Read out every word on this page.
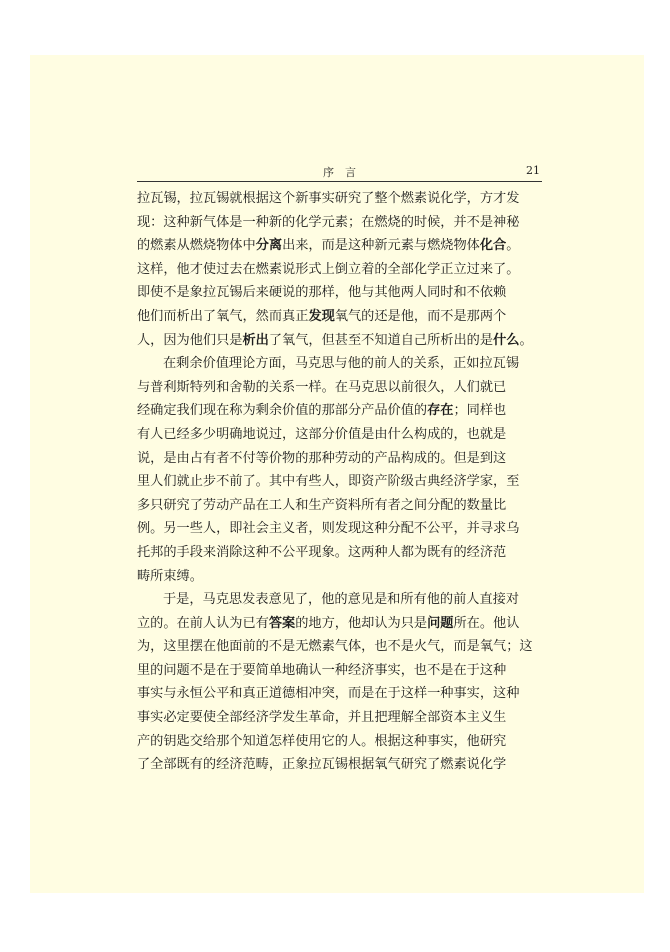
序　言	21
拉瓦锡，拉瓦锡就根据这个新事实研究了整个燃素说化学，方才发
现：这种新气体是一种新的化学元素；在燃烧的时候，并不是神秘
的燃素从燃烧物体中分离出来，而是这种新元素与燃烧物体化合。
这样，他才使过去在燃素说形式上倒立着的全部化学正立过来了。
即使不是象拉瓦锡后来硬说的那样，他与其他两人同时和不依赖
他们而析出了氧气，然而真正发现氧气的还是他，而不是那两个
人，因为他们只是析出了氧气，但甚至不知道自己所析出的是什么。
在剩余价值理论方面，马克思与他的前人的关系，正如拉瓦锡
与普利斯特列和舍勒的关系一样。在马克思以前很久，人们就已
经确定我们现在称为剩余价值的那部分产品价值的存在；同样也
有人已经多少明确地说过，这部分价值是由什么构成的，也就是
说，是由占有者不付等价物的那种劳动的产品构成的。但是到这
里人们就止步不前了。其中有些人，即资产阶级古典经济学家，至
多只研究了劳动产品在工人和生产资料所有者之间分配的数量比
例。另一些人，即社会主义者，则发现这种分配不公平，并寻求乌
托邦的手段来消除这种不公平现象。这两种人都为既有的经济范
畴所束缚。
于是，马克思发表意见了，他的意见是和所有他的前人直接对
立的。在前人认为已有答案的地方，他却认为只是问题所在。他认
为，这里摆在他面前的不是无燃素气体，也不是火气，而是氧气；这
里的问题不是在于要简单地确认一种经济事实，也不是在于这种
事实与永恒公平和真正道德相冲突，而是在于这样一种事实，这种
事实必定要使全部经济学发生革命，并且把理解全部资本主义生
产的钥匙交给那个知道怎样使用它的人。根据这种事实，他研究
了全部既有的经济范畴，正象拉瓦锡根据氧气研究了燃素说化学
